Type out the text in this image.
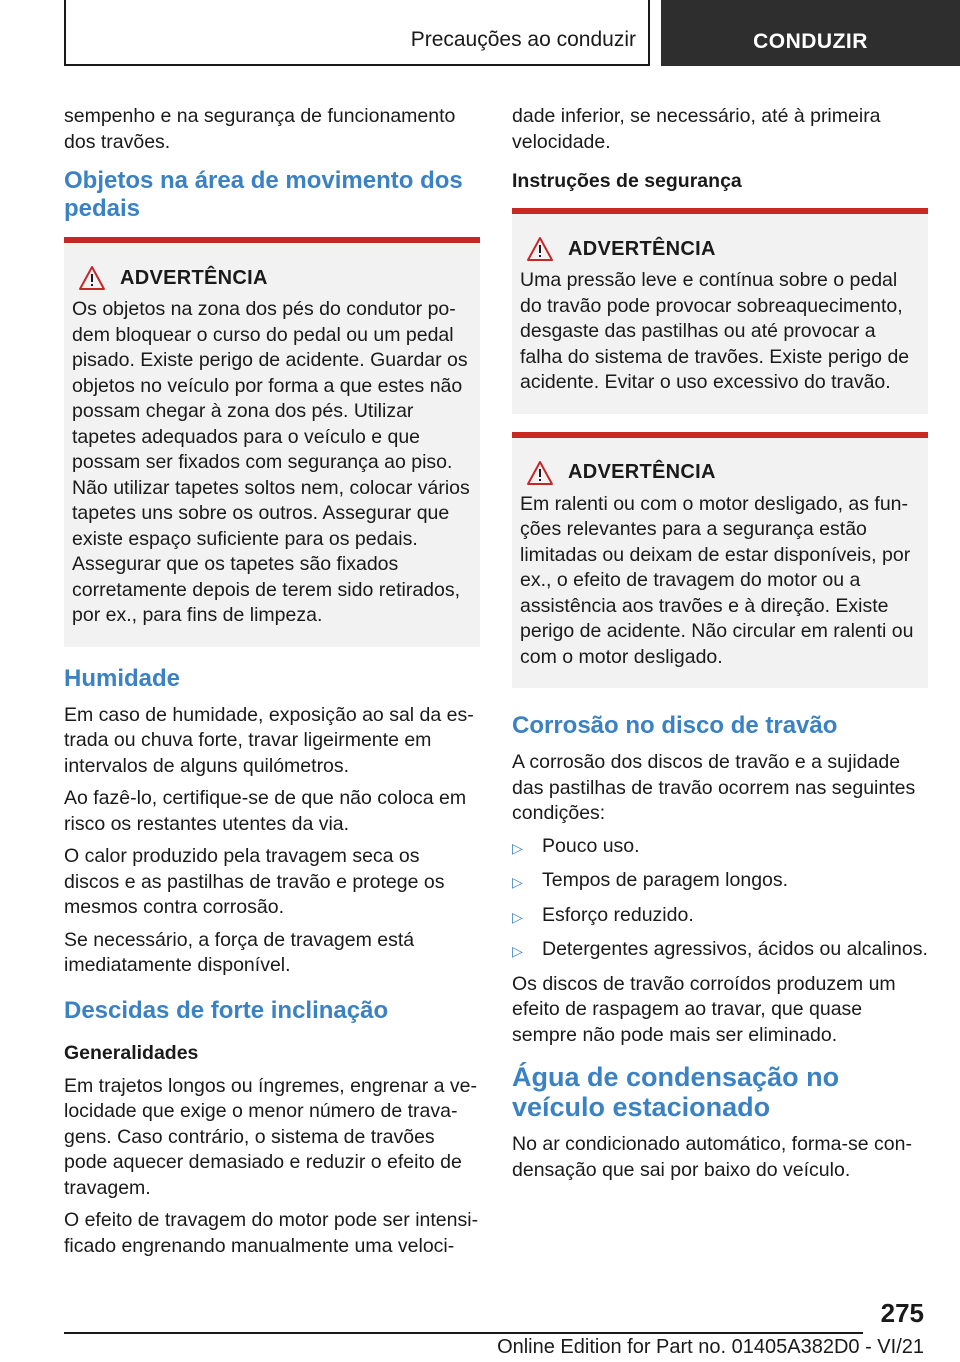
Precauções ao conduzir	CONDUZIR

sempenho e na segurança de funcionamento dos travões.

Objetos na área de movimento dos pedais
ADVERTÊNCIA

Os objetos na zona dos pés do condutor podem bloquear o curso do pedal ou um pedal pisado. Existe perigo de acidente. Guardar os objetos no veículo por forma a que estes não possam chegar à zona dos pés. Utilizar tapetes adequados para o veículo e que possam ser fixados com segurança ao piso. Não utilizar tapetes soltos nem, colocar vários tapetes uns sobre os outros. Assegurar que existe espaço suficiente para os pedais. Assegurar que os tapetes são fixados corretamente depois de terem sido retirados, por ex., para fins de limpeza.

Humidade

Em caso de humidade, exposição ao sal da estrada ou chuva forte, travar ligeirmente em intervalos de alguns quilómetros.

Ao fazê-lo, certifique-se de que não coloca em risco os restantes utentes da via.

O calor produzido pela travagem seca os discos e as pastilhas de travão e protege os mesmos contra corrosão.

Se necessário, a força de travagem está imediatamente disponível.

Descidas de forte inclinação
Generalidades

Em trajetos longos ou íngremes, engrenar a velocidade que exige o menor número de travagens. Caso contrário, o sistema de travões pode aquecer demasiado e reduzir o efeito de travagem.

O efeito de travagem do motor pode ser intensificado engrenando manualmente uma veloci-

dade inferior, se necessário, até à primeira velocidade.

Instruções de segurança
ADVERTÊNCIA

Uma pressão leve e contínua sobre o pedal do travão pode provocar sobreaquecimento, desgaste das pastilhas ou até provocar a falha do sistema de travões. Existe perigo de acidente. Evitar o uso excessivo do travão.

ADVERTÊNCIA

Em ralenti ou com o motor desligado, as funções relevantes para a segurança estão limitadas ou deixam de estar disponíveis, por ex., o efeito de travagem do motor ou a assistência aos travões e à direção. Existe perigo de acidente. Não circular em ralenti ou com o motor desligado.

Corrosão no disco de travão

A corrosão dos discos de travão e a sujidade das pastilhas de travão ocorrem nas seguintes condições:

▷ Pouco uso.
▷ Tempos de paragem longos.
▷ Esforço reduzido.
▷ Detergentes agressivos, ácidos ou alcalinos.

Os discos de travão corroídos produzem um efeito de raspagem ao travar, que quase sempre não pode mais ser eliminado.

Água de condensação no veículo estacionado

No ar condicionado automático, forma-se condensação que sai por baixo do veículo.

275
Online Edition for Part no. 01405A382D0 - VI/21
